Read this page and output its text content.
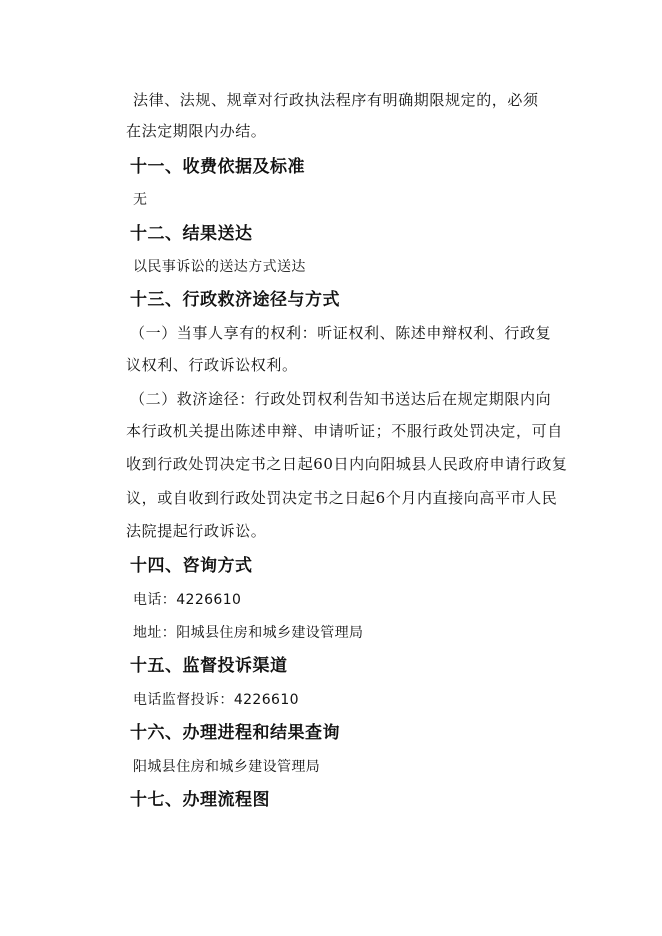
法律、法规、规章对行政执法程序有明确期限规定的，必须
在法定期限内办结。
十一、收费依据及标准
无
十二、结果送达
以民事诉讼的送达方式送达
十三、行政救济途径与方式
（一）当事人享有的权利：听证权利、陈述申辩权利、行政复
议权利、行政诉讼权利。
（二）救济途径：行政处罚权利告知书送达后在规定期限内向
本行政机关提出陈述申辩、申请听证；不服行政处罚决定，可自
收到行政处罚决定书之日起60日内向阳城县人民政府申请行政复
议，或自收到行政处罚决定书之日起6个月内直接向高平市人民
法院提起行政诉讼。
十四、咨询方式
电话：4226610
地址：阳城县住房和城乡建设管理局
十五、监督投诉渠道
电话监督投诉：4226610
十六、办理进程和结果查询
阳城县住房和城乡建设管理局
十七、办理流程图
